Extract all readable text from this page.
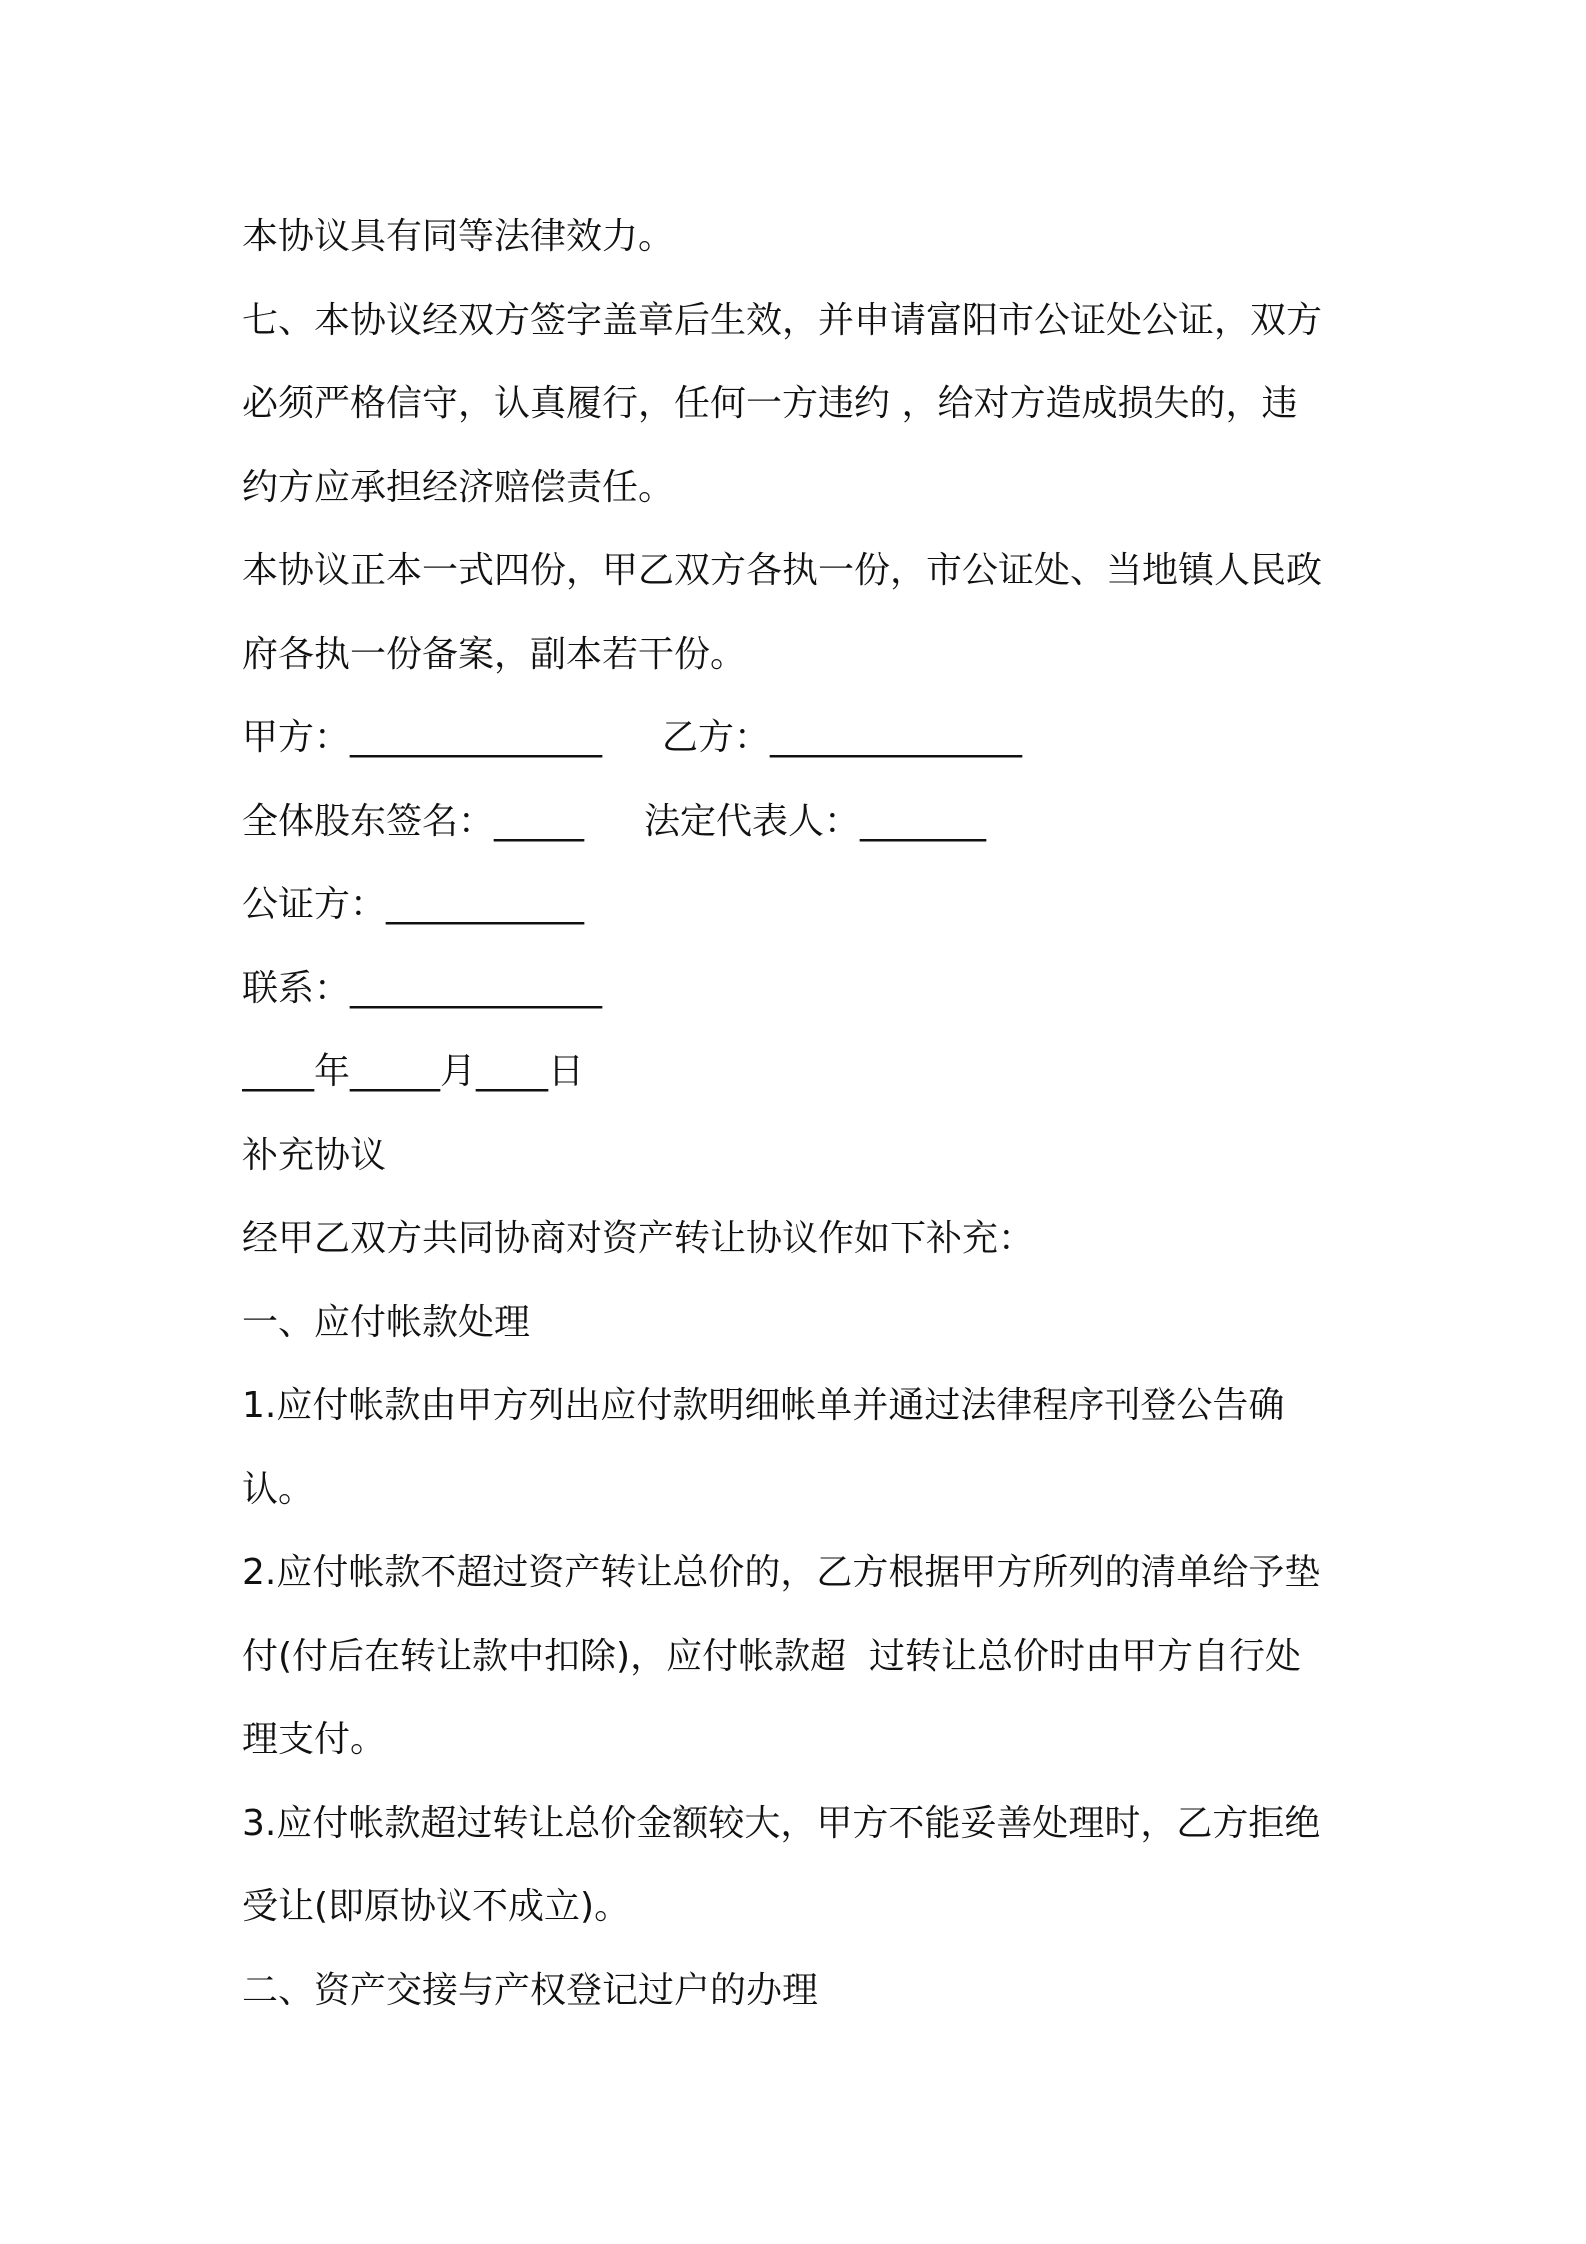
本协议具有同等法律效力。
七、本协议经双方签字盖章后生效，并申请富阳市公证处公证，双方
必须严格信守，认真履行，任何一方违约 ，给对方造成损失的，违
约方应承担经济赔偿责任。
本协议正本一式四份，甲乙双方各执一份，市公证处、当地镇人民政
府各执一份备案，副本若干份。
甲方：______________ 乙方：______________
全体股东签名：_____ 法定代表人：_______
公证方：___________
联系：______________
____年_____月____日
补充协议
经甲乙双方共同协商对资产转让协议作如下补充：
一、应付帐款处理
1.应付帐款由甲方列出应付款明细帐单并通过法律程序刊登公告确
认。
2.应付帐款不超过资产转让总价的，乙方根据甲方所列的清单给予垫
付(付后在转让款中扣除)，应付帐款超  过转让总价时由甲方自行处
理支付。
3.应付帐款超过转让总价金额较大，甲方不能妥善处理时，乙方拒绝
受让(即原协议不成立)。
二、资产交接与产权登记过户的办理
